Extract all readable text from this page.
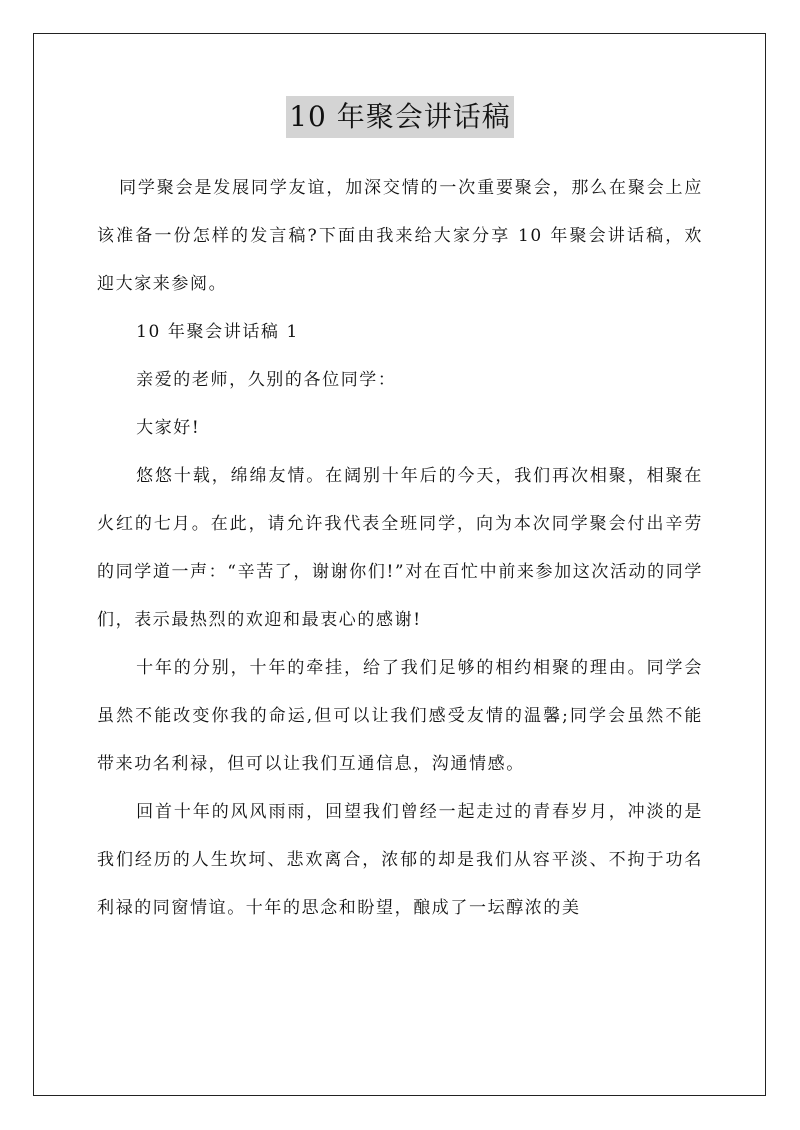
10 年聚会讲话稿

同学聚会是发展同学友谊，加深交情的一次重要聚会，那么在聚会上应该准备一份怎样的发言稿?下面由我来给大家分享 10 年聚会讲话稿，欢迎大家来参阅。

10 年聚会讲话稿 1

亲爱的老师，久别的各位同学：

大家好!

悠悠十载，绵绵友情。在阔别十年后的今天，我们再次相聚，相聚在火红的七月。在此，请允许我代表全班同学，向为本次同学聚会付出辛劳的同学道一声：“辛苦了，谢谢你们!”对在百忙中前来参加这次活动的同学们，表示最热烈的欢迎和最衷心的感谢!

十年的分别，十年的牵挂，给了我们足够的相约相聚的理由。同学会虽然不能改变你我的命运,但可以让我们感受友情的温馨;同学会虽然不能带来功名利禄，但可以让我们互通信息，沟通情感。

回首十年的风风雨雨，回望我们曾经一起走过的青春岁月，冲淡的是我们经历的人生坎坷、悲欢离合，浓郁的却是我们从容平淡、不拘于功名利禄的同窗情谊。十年的思念和盼望，酿成了一坛醇浓的美
